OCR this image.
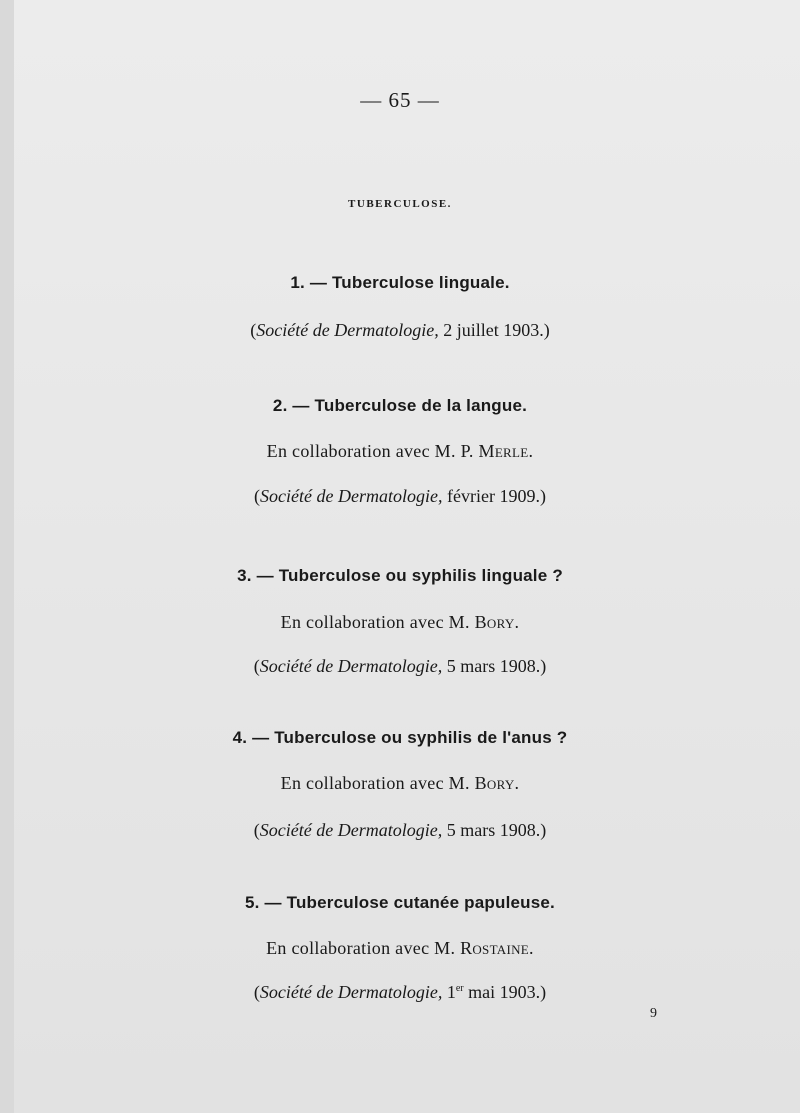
— 65 —
TUBERCULOSE.
1. — Tuberculose linguale.
(Société de Dermatologie, 2 juillet 1903.)
2. — Tuberculose de la langue.
En collaboration avec M. P. Merle.
(Société de Dermatologie, février 1909.)
3. — Tuberculose ou syphilis linguale ?
En collaboration avec M. Bory.
(Société de Dermatologie, 5 mars 1908.)
4. — Tuberculose ou syphilis de l'anus ?
En collaboration avec M. Bory.
(Société de Dermatologie, 5 mars 1908.)
5. — Tuberculose cutanée papuleuse.
En collaboration avec M. Rostaine.
(Société de Dermatologie, 1er mai 1903.)
9
